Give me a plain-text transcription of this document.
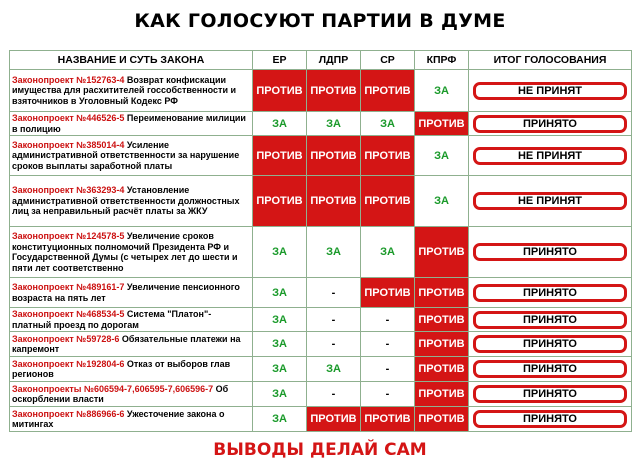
КАК ГОЛОСУЮТ ПАРТИИ В ДУМЕ
НАЗВАНИЕ И СУТЬ ЗАКОНА	ЕР	ЛДПР	СР	КПРФ	ИТОГ ГОЛОСОВАНИЯ
Законопроект №152763-4 Возврат конфискации имущества для расхитителей госсобственности и взяточников в Уголовный Кодекс РФ	ПРОТИВ	ПРОТИВ	ПРОТИВ	ЗА	НЕ ПРИНЯТ

Законопроект №446526-5 Переименование милиции в полицию	ЗА	ЗА	ЗА	ПРОТИВ	ПРИНЯТО

Законопроект №385014-4 Усиление административной ответственности за нарушение сроков выплаты заработной платы	ПРОТИВ	ПРОТИВ	ПРОТИВ	ЗА	НЕ ПРИНЯТ

Законопроект №363293-4 Установление административной ответственности должностных лиц за неправильный расчёт платы за ЖКУ	ПРОТИВ	ПРОТИВ	ПРОТИВ	ЗА	НЕ ПРИНЯТ

Законопроект №124578-5 Увеличение сроков конституционных полномочий Президента РФ и Государственной Думы (с четырех лет до шести и пяти лет соответственно	ЗА	ЗА	ЗА	ПРОТИВ	ПРИНЯТО

Законопроект №489161-7 Увеличение пенсионного возраста на пять лет	ЗА	-	ПРОТИВ	ПРОТИВ	ПРИНЯТО

Законопроект №468534-5 Система "Платон"- платный проезд по дорогам	ЗА	-	-	ПРОТИВ	ПРИНЯТО

Законопроект №59728-6 Обязательные платежи на капремонт	ЗА	-	-	ПРОТИВ	ПРИНЯТО

Законопроект №192804-6 Отказ от выборов глав регионов	ЗА	ЗА	-	ПРОТИВ	ПРИНЯТО

Законопроекты №606594-7,606595-7,606596-7 Об оскорблении власти	ЗА	-	-	ПРОТИВ	ПРИНЯТО

Законопроект №886966-6 Ужесточение закона о митингах	ЗА	ПРОТИВ	ПРОТИВ	ПРОТИВ	ПРИНЯТО
ВЫВОДЫ ДЕЛАЙ САМ
